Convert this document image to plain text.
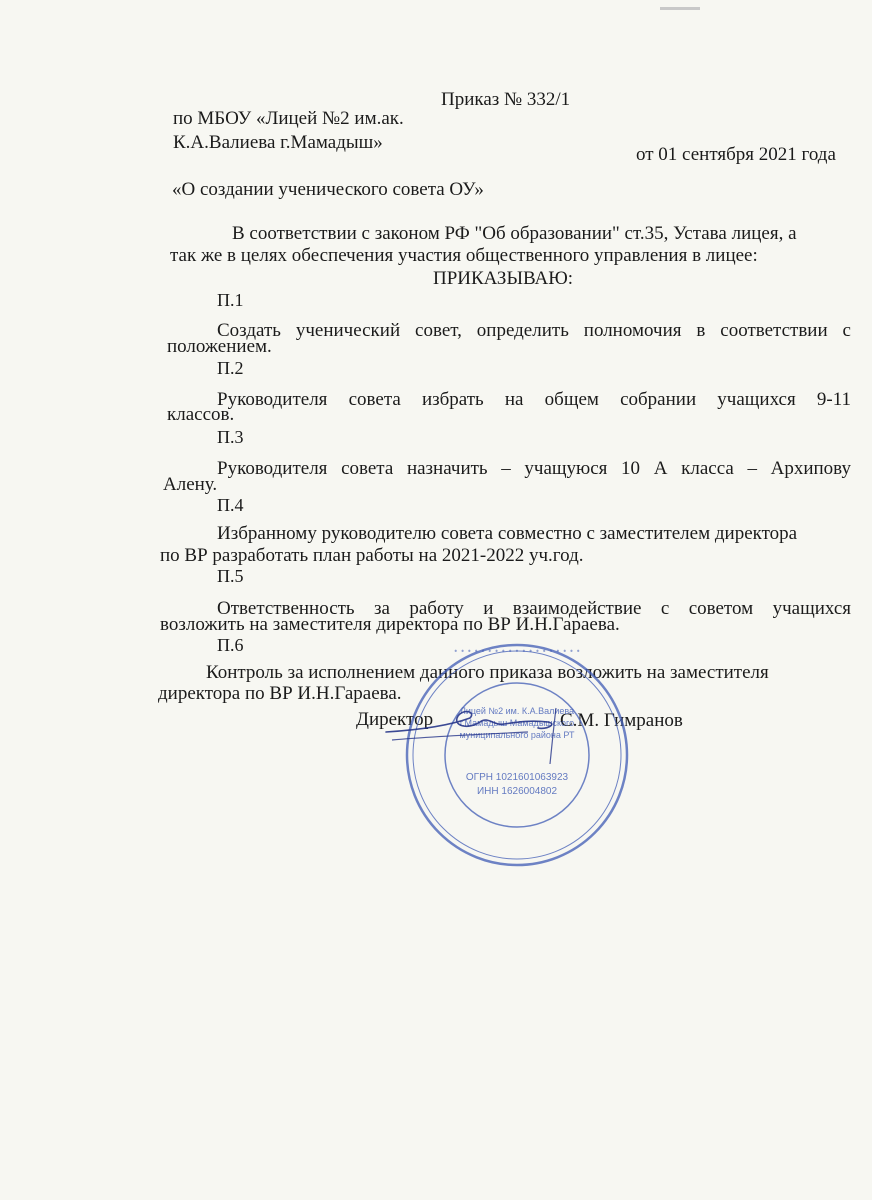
Приказ № 332/1
по МБОУ «Лицей №2 им.ак.
К.А.Валиева г.Мамадыш»
от 01 сентября 2021 года
«О создании ученического совета ОУ»
В соответствии с законом РФ "Об образовании" ст.35, Устава лицея, а
так же в целях обеспечения участия общественного управления в лицее:
ПРИКАЗЫВАЮ:
П.1
Создать ученический совет, определить полномочия в соответствии с
положением.
П.2
Руководителя совета избрать на общем собрании учащихся 9-11
классов.
П.3
Руководителя совета назначить – учащуюся 10 А класса – Архипову
Алену.
П.4
Избранному руководителю совета совместно с заместителем директора
по ВР разработать план работы на 2021-2022 уч.год.
П.5
Ответственность за работу и взаимодействие с советом учащихся
возложить на заместителя директора по ВР И.Н.Гараева.
П.6
Контроль за исполнением данного приказа возложить на заместителя
директора по ВР И.Н.Гараева.
Директор	С.М. Гимранов
• • • • • • • • • • • • • • • • • • •
Лицей №2 им. К.А.Валиева
г.Мамадыш Мамадышского
муниципального района РТ
ОГРН 1021601063923
ИНН 1626004802
